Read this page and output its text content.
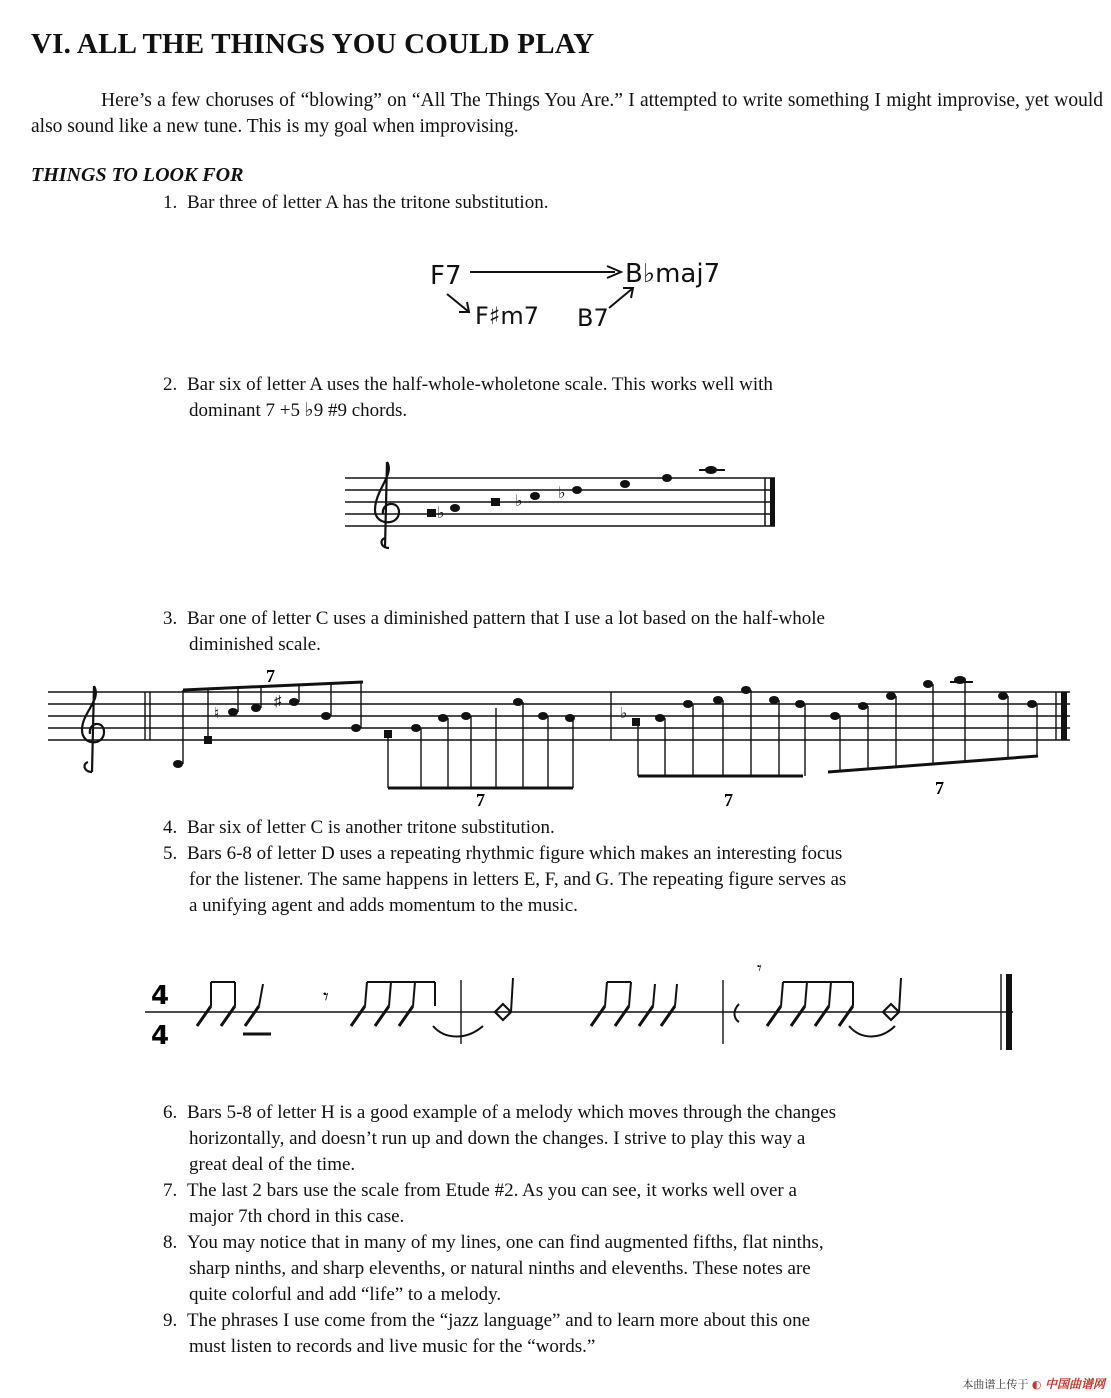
VI. ALL THE THINGS YOU COULD PLAY
Here’s a few choruses of “blowing” on “All The Things You Are.” I attempted to write something I might improvise, yet would also sound like a new tune. This is my goal when improvising.
THINGS TO LOOK FOR
1. Bar three of letter A has the tritone substitution.
F7	B♭maj7
F♯m7 B7
2. Bar six of letter A uses the half-whole-wholetone scale. This works well with
dominant 7 +5 ♭9 #9 chords.
♭
♭ ♭
3. Bar one of letter C uses a diminished pattern that I use a lot based on the half-whole
diminished scale.
7
♮
♯
7	7
♭
7
4. Bar six of letter C is another tritone substitution.
5. Bars 6-8 of letter D uses a repeating rhythmic figure which makes an interesting focus
for the listener. The same happens in letters E, F, and G. The repeating figure serves as
a unifying agent and adds momentum to the music.
4
4
𝄾
𝄾
6. Bars 5-8 of letter H is a good example of a melody which moves through the changes
horizontally, and doesn’t run up and down the changes. I strive to play this way a
great deal of the time.
7. The last 2 bars use the scale from Etude #2. As you can see, it works well over a
major 7th chord in this case.
8. You may notice that in many of my lines, one can find augmented fifths, flat ninths,
sharp ninths, and sharp elevenths, or natural ninths and elevenths. These notes are
quite colorful and add “life” to a melody.
9. The phrases I use come from the “jazz language” and to learn more about this one
must listen to records and live music for the “words.”
本曲谱上传于 ◐ 中国曲谱网
